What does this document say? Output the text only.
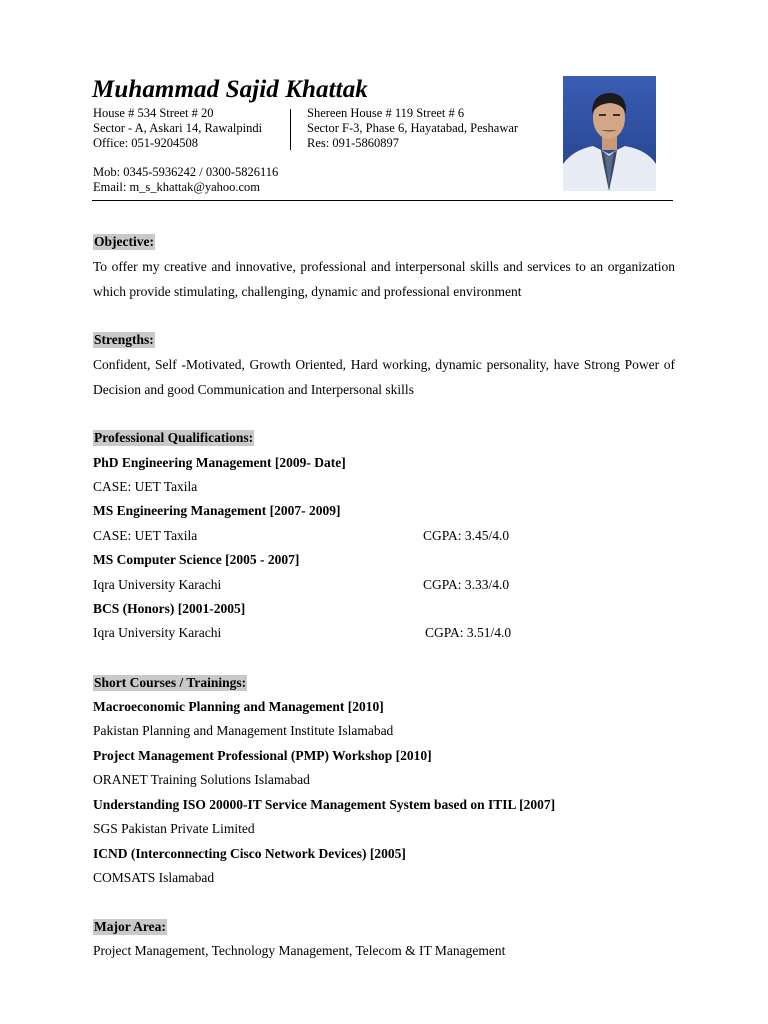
Muhammad Sajid Khattak
House # 534 Street # 20
Sector - A, Askari 14, Rawalpindi
Office: 051-9204508
Shereen House # 119 Street # 6
Sector F-3, Phase 6, Hayatabad, Peshawar
Res: 091-5860897
Mob: 0345-5936242 / 0300-5826116
Email: m_s_khattak@yahoo.com
Objective:
To offer my creative and innovative, professional and interpersonal skills and services to an organization which provide stimulating, challenging, dynamic and professional environment
Strengths:
Confident, Self -Motivated, Growth Oriented, Hard working, dynamic personality, have Strong Power of Decision and good Communication and Interpersonal skills
Professional Qualifications:
PhD Engineering Management [2009- Date]
CASE: UET Taxila
MS Engineering Management [2007- 2009]
CASE: UET Taxila	CGPA: 3.45/4.0
MS Computer Science [2005 - 2007]
Iqra University Karachi	CGPA: 3.33/4.0
BCS (Honors) [2001-2005]
Iqra University Karachi	CGPA: 3.51/4.0
Short Courses / Trainings:
Macroeconomic Planning and Management [2010]
Pakistan Planning and Management Institute Islamabad
Project Management Professional (PMP) Workshop [2010]
ORANET Training Solutions Islamabad
Understanding ISO 20000-IT Service Management System based on ITIL [2007]
SGS Pakistan Private Limited
ICND (Interconnecting Cisco Network Devices) [2005]
COMSATS Islamabad
Major Area:
Project Management, Technology Management, Telecom & IT Management
